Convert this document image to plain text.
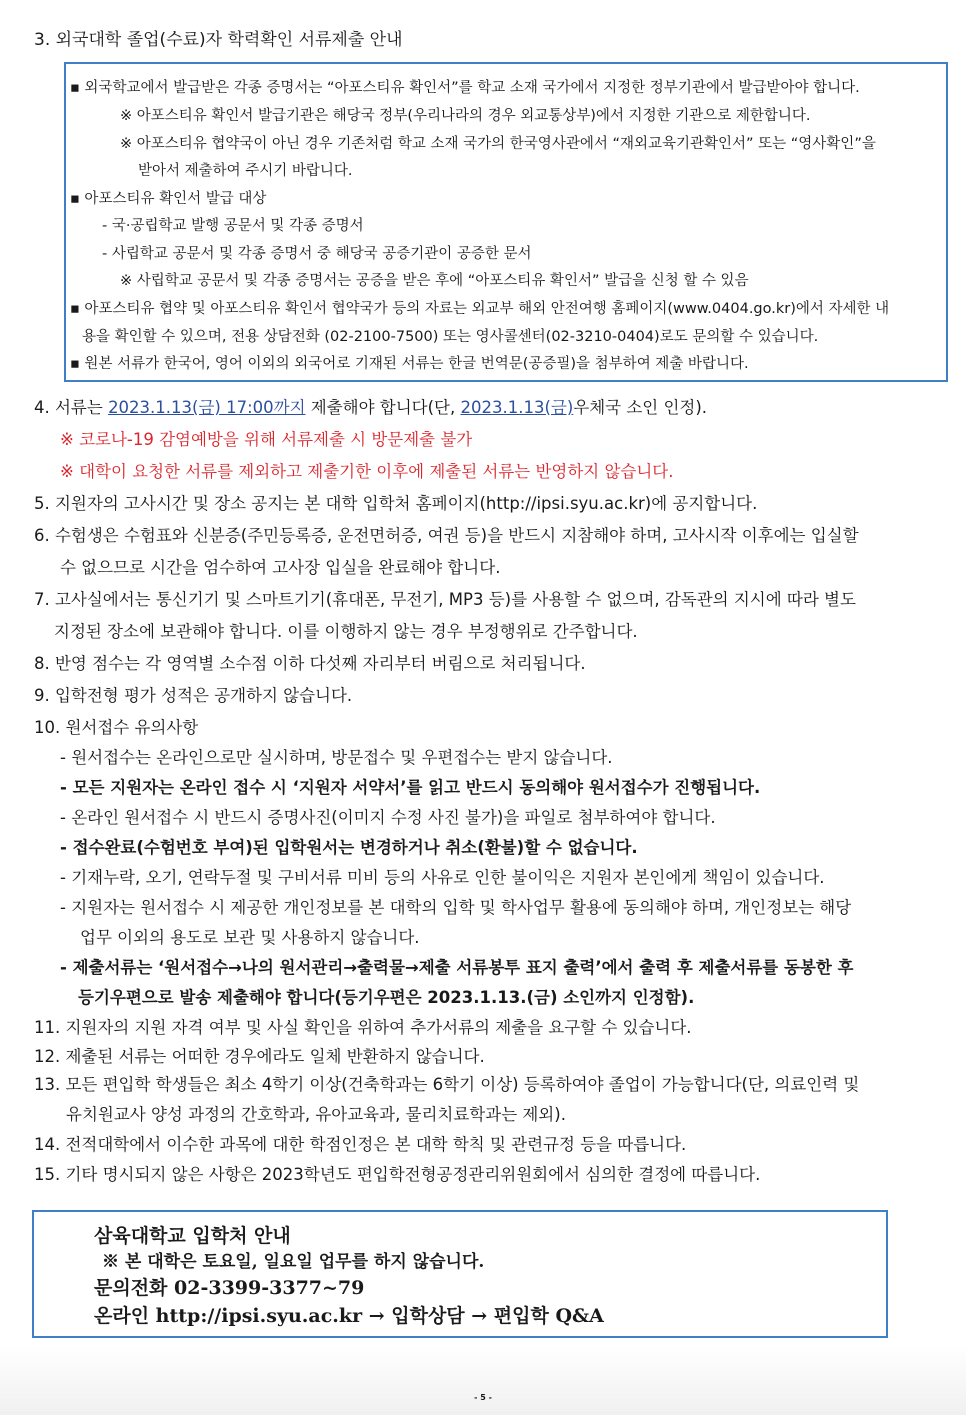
3. 외국대학 졸업(수료)자 학력확인 서류제출 안내
▪ 외국학교에서 발급받은 각종 증명서는 “아포스티유 확인서”를 학교 소재 국가에서 지정한 정부기관에서 발급받아야 합니다.
※ 아포스티유 확인서 발급기관은 해당국 정부(우리나라의 경우 외교통상부)에서 지정한 기관으로 제한합니다.
※ 아포스티유 협약국이 아닌 경우 기존처럼 학교 소재 국가의 한국영사관에서 “재외교육기관확인서” 또는 “영사확인”을
받아서 제출하여 주시기 바랍니다.
▪ 아포스티유 확인서 발급 대상
- 국·공립학교 발행 공문서 및 각종 증명서
- 사립학교 공문서 및 각종 증명서 중 해당국 공증기관이 공증한 문서
※ 사립학교 공문서 및 각종 증명서는 공증을 받은 후에 “아포스티유 확인서” 발급을 신청 할 수 있음
▪ 아포스티유 협약 및 아포스티유 확인서 협약국가 등의 자료는 외교부 해외 안전여행 홈페이지(www.0404.go.kr)에서 자세한 내
용을 확인할 수 있으며, 전용 상담전화 (02-2100-7500) 또는 영사콜센터(02-3210-0404)로도 문의할 수 있습니다.
▪ 원본 서류가 한국어, 영어 이외의 외국어로 기재된 서류는 한글 번역문(공증필)을 첨부하여 제출 바랍니다.
4. 서류는 2023.1.13(금) 17:00까지 제출해야 합니다(단, 2023.1.13(금)우체국 소인 인정).
※ 코로나-19 감염예방을 위해 서류제출 시 방문제출 불가
※ 대학이 요청한 서류를 제외하고 제출기한 이후에 제출된 서류는 반영하지 않습니다.
5. 지원자의 고사시간 및 장소 공지는 본 대학 입학처 홈페이지(http://ipsi.syu.ac.kr)에 공지합니다.
6. 수험생은 수험표와 신분증(주민등록증, 운전면허증, 여권 등)을 반드시 지참해야 하며, 고사시작 이후에는 입실할
수 없으므로 시간을 엄수하여 고사장 입실을 완료해야 합니다.
7. 고사실에서는 통신기기 및 스마트기기(휴대폰, 무전기, MP3 등)를 사용할 수 없으며, 감독관의 지시에 따라 별도
지정된 장소에 보관해야 합니다. 이를 이행하지 않는 경우 부정행위로 간주합니다.
8. 반영 점수는 각 영역별 소수점 이하 다섯째 자리부터 버림으로 처리됩니다.
9. 입학전형 평가 성적은 공개하지 않습니다.
10. 원서접수 유의사항
- 원서접수는 온라인으로만 실시하며, 방문접수 및 우편접수는 받지 않습니다.
- 모든 지원자는 온라인 접수 시 ‘지원자 서약서’를 읽고 반드시 동의해야 원서접수가 진행됩니다.
- 온라인 원서접수 시 반드시 증명사진(이미지 수정 사진 불가)을 파일로 첨부하여야 합니다.
- 접수완료(수험번호 부여)된 입학원서는 변경하거나 취소(환불)할 수 없습니다.
- 기재누락, 오기, 연락두절 및 구비서류 미비 등의 사유로 인한 불이익은 지원자 본인에게 책임이 있습니다.
- 지원자는 원서접수 시 제공한 개인정보를 본 대학의 입학 및 학사업무 활용에 동의해야 하며, 개인정보는 해당
업무 이외의 용도로 보관 및 사용하지 않습니다.
- 제출서류는 ‘원서접수→나의 원서관리→출력물→제출 서류봉투 표지 출력’에서 출력 후 제출서류를 동봉한 후
등기우편으로 발송 제출해야 합니다(등기우편은 2023.1.13.(금) 소인까지 인정함).
11. 지원자의 지원 자격 여부 및 사실 확인을 위하여 추가서류의 제출을 요구할 수 있습니다.
12. 제출된 서류는 어떠한 경우에라도 일체 반환하지 않습니다.
13. 모든 편입학 학생들은 최소 4학기 이상(건축학과는 6학기 이상) 등록하여야 졸업이 가능합니다(단, 의료인력 및
유치원교사 양성 과정의 간호학과, 유아교육과, 물리치료학과는 제외).
14. 전적대학에서 이수한 과목에 대한 학점인정은 본 대학 학칙 및 관련규정 등을 따릅니다.
15. 기타 명시되지 않은 사항은 2023학년도 편입학전형공정관리위원회에서 심의한 결정에 따릅니다.
삼육대학교 입학처 안내
※ 본 대학은 토요일, 일요일 업무를 하지 않습니다.
문의전화 02-3399-3377~79
온라인 http://ipsi.syu.ac.kr → 입학상담 → 편입학 Q&A
- 5 -
